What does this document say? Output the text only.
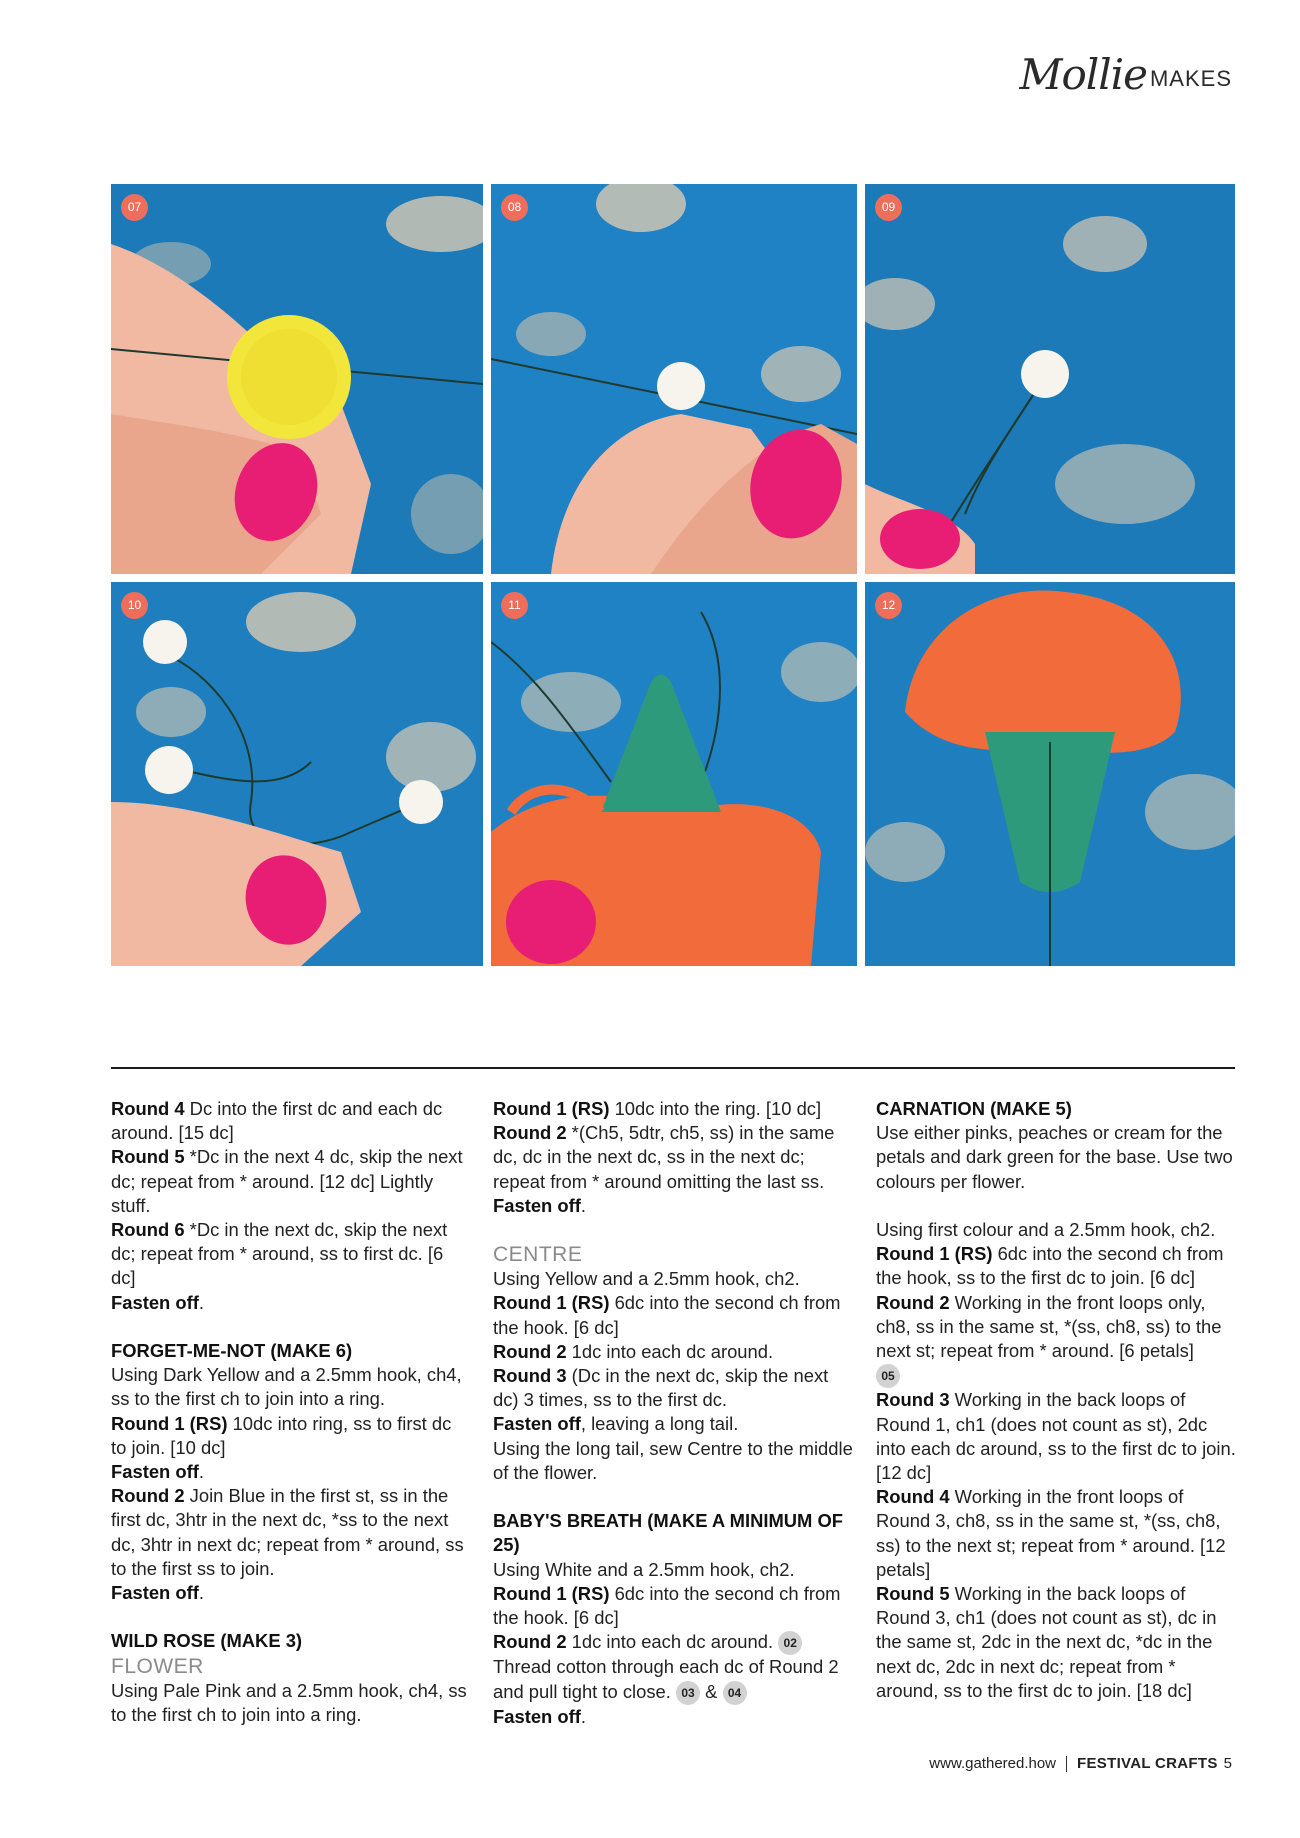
Mollie MAKES
07	08	09
10	11	12

Round 4 Dc into the first dc and each dc around. [15 dc]

Round 5 *Dc in the next 4 dc, skip the next dc; repeat from * around. [12 dc] Lightly stuff.

Round 6 *Dc in the next dc, skip the next dc; repeat from * around, ss to first dc. [6 dc]

Fasten off.

FORGET-ME-NOT (MAKE 6)

Using Dark Yellow and a 2.5mm hook, ch4, ss to the first ch to join into a ring.

Round 1 (RS) 10dc into ring, ss to first dc to join. [10 dc]

Fasten off.

Round 2 Join Blue in the first st, ss in the first dc, 3htr in the next dc, *ss to the next dc, 3htr in next dc; repeat from * around, ss to the first ss to join.

Fasten off.

WILD ROSE (MAKE 3)

FLOWER

Using Pale Pink and a 2.5mm hook, ch4, ss to the first ch to join into a ring.

Round 1 (RS) 10dc into the ring. [10 dc]

Round 2 *(Ch5, 5dtr, ch5, ss) in the same dc, dc in the next dc, ss in the next dc; repeat from * around omitting the last ss.

Fasten off.

CENTRE

Using Yellow and a 2.5mm hook, ch2.

Round 1 (RS) 6dc into the second ch from the hook. [6 dc]

Round 2 1dc into each dc around.

Round 3 (Dc in the next dc, skip the next dc) 3 times, ss to the first dc.

Fasten off, leaving a long tail.

Using the long tail, sew Centre to the middle of the flower.

BABY'S BREATH (MAKE A MINIMUM OF 25)

Using White and a 2.5mm hook, ch2.

Round 1 (RS) 6dc into the second ch from the hook. [6 dc]

Round 2 1dc into each dc around. 02

Thread cotton through each dc of Round 2 and pull tight to close. 03 & 04

Fasten off.

CARNATION (MAKE 5)

Use either pinks, peaches or cream for the petals and dark green for the base. Use two colours per flower.

Using first colour and a 2.5mm hook, ch2.

Round 1 (RS) 6dc into the second ch from the hook, ss to the first dc to join. [6 dc]

Round 2 Working in the front loops only, ch8, ss in the same st, *(ss, ch8, ss) to the next st; repeat from * around. [6 petals]

05

Round 3 Working in the back loops of Round 1, ch1 (does not count as st), 2dc into each dc around, ss to the first dc to join. [12 dc]

Round 4 Working in the front loops of Round 3, ch8, ss in the same st, *(ss, ch8, ss) to the next st; repeat from * around. [12 petals]

Round 5 Working in the back loops of Round 3, ch1 (does not count as st), dc in the same st, 2dc in the next dc, *dc in the next dc, 2dc in next dc; repeat from * around, ss to the first dc to join. [18 dc]

www.gathered.how FESTIVAL CRAFTS 5
